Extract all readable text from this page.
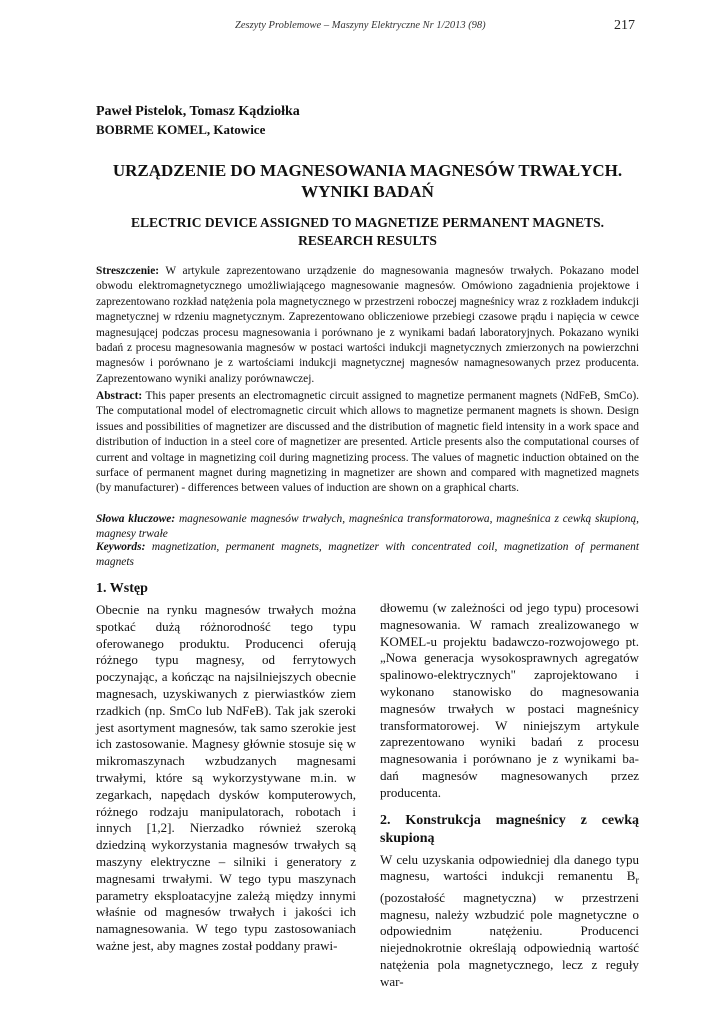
Zeszyty Problemowe – Maszyny Elektryczne Nr 1/2013 (98)	217
Paweł Pistelok, Tomasz Kądziołka
BOBRME KOMEL, Katowice
URZĄDZENIE DO MAGNESOWANIA MAGNESÓW TRWAŁYCH. WYNIKI BADAŃ
ELECTRIC DEVICE ASSIGNED TO MAGNETIZE PERMANENT MAGNETS. RESEARCH RESULTS
Streszczenie: W artykule zaprezentowano urządzenie do magnesowania magnesów trwałych. Pokazano model obwodu elektromagnetycznego umożliwiającego magnesowanie magnesów. Omówiono zagadnienia projektowe i zaprezentowano rozkład natężenia pola magnetycznego w przestrzeni roboczej magneśnicy wraz z rozkładem indukcji magnetycznej w rdzeniu magnetycznym. Zaprezentowano obliczeniowe przebiegi czasowe prądu i napięcia w cewce magnesującej podczas procesu magnesowania i porównano je z wynikami badań laboratoryjnych. Pokazano wyniki badań z procesu magnesowania magnesów w postaci wartości indukcji magnetycznych zmierzonych na powierzchni magnesów i porównano je z wartościami indukcji magnetycznej magnesów namagnesowanych przez producenta. Zaprezentowano wyniki analizy porównawczej.
Abstract: This paper presents an electromagnetic circuit assigned to magnetize permanent magnets (NdFeB, SmCo). The computational model of electromagnetic circuit which allows to magnetize permanent magnets is shown. Design issues and possibilities of magnetizer are discussed and the distribution of magnetic field intensity in a work space and distribution of induction in a steel core of magnetizer are presented. Article presents also the computational courses of current and voltage in magnetizing coil during magnetizing process. The values of magnetic induction obtained on the surface of permanent magnet during magnetizing in magnetizer are shown and compared with magnetized magnets (by manufacturer) - differences between values of induction are shown on a graphical charts.
Słowa kluczowe: magnesowanie magnesów trwałych, magneśnica transformatorowa, magneśnica z cewką skupioną, magnesy trwałe
Keywords: magnetization, permanent magnets, magnetizer with concentrated coil, magnetization of permanent magnets
1. Wstęp

Obecnie na rynku magnesów trwałych można spotkać dużą różnorodność tego typu oferowanego produktu. Producenci oferują różnego typu magnesy, od ferrytowych poczynając, a kończąc na najsilniejszych obecnie magnesach, uzyskiwanych z pierwiastków ziem rzadkich (np. SmCo lub NdFeB). Tak jak szeroki jest asortyment magnesów, tak samo szerokie jest ich zastosowanie. Magnesy głównie stosuje się w mikromaszynach wzbudzanych magnesami trwałymi, które są wykorzystywane m.in. w zegarkach, napędach dysków komputerowych, różnego rodzaju manipulatorach, robotach i innych [1,2]. Nierzadko również szeroką dziedziną wykorzystania magnesów trwałych są maszyny elektryczne – silniki i generatory z magnesami trwałymi. W tego typu maszynach parametry eksploatacyjne zależą między innymi właśnie od magnesów trwałych i jakości ich namagnesowania. W tego typu zastosowaniach ważne jest, aby magnes został poddany prawi-

dłowemu (w zależności od jego typu) procesowi magnesowania. W ramach zrealizowanego w KOMEL-u projektu badawczo-rozwojowego pt. „Nowa generacja wysokosprawnych agregatów spalinowo-elektrycznych" zaprojektowano i wykonano stanowisko do magnesowania magnesów trwałych w postaci magneśnicy transformatorowej. W niniejszym artykule zaprezentowano wyniki badań z procesu magnesowania i porównano je z wynikami ba-dań magnesów magnesowanych przez producenta.

2. Konstrukcja magneśnicy z cewką skupioną

W celu uzyskania odpowiedniej dla danego typu magnesu, wartości indukcji remanentu $B_r$ (pozostałość magnetyczna) w przestrzeni magnesu, należy wzbudzić pole magnetyczne o odpowiednim natężeniu. Producenci niejednokrotnie określają odpowiednią wartość natężenia pola magnetycznego, lecz z reguły war-
